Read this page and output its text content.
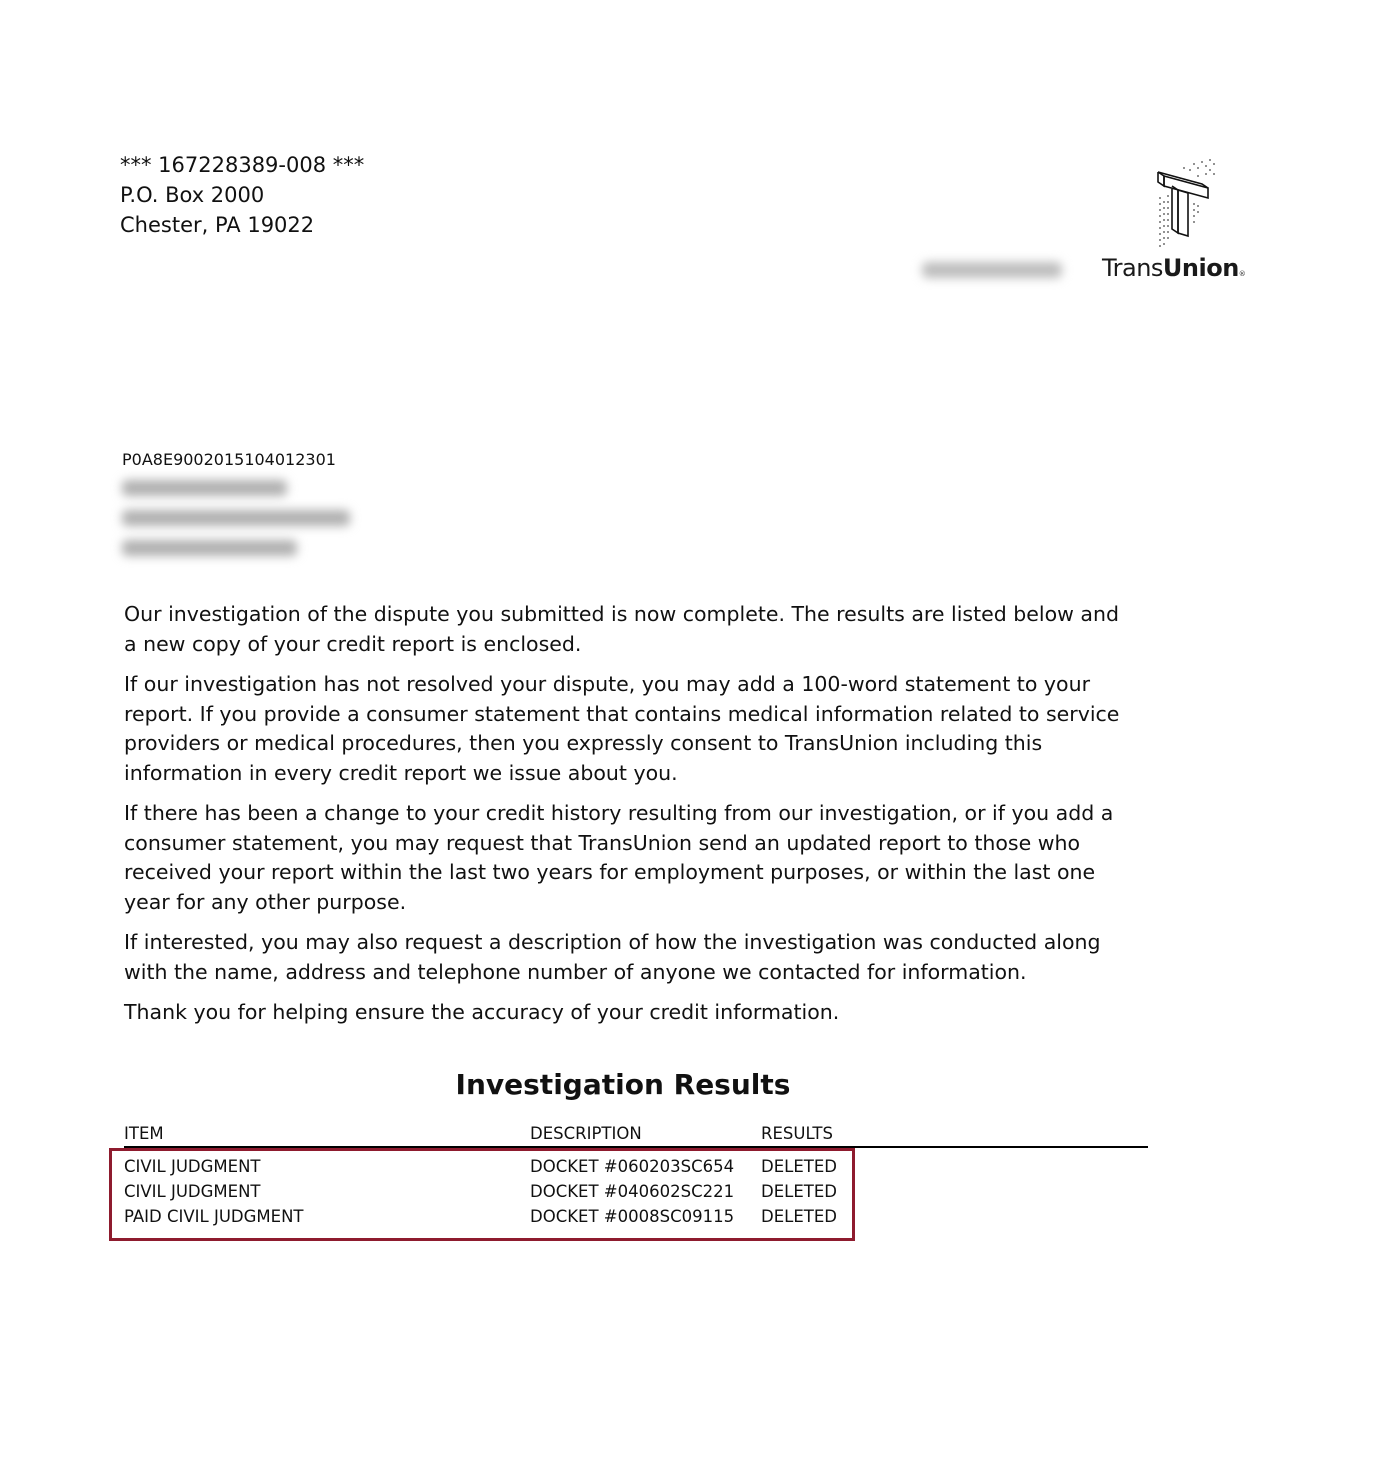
*** 167228389-008 ***
P.O. Box 2000
Chester, PA 19022
TransUnion®
P0A8E9002015104012301

Our investigation of the dispute you submitted is now complete. The results are listed below and a new copy of your credit report is enclosed.

If our investigation has not resolved your dispute, you may add a 100-word statement to your report. If you provide a consumer statement that contains medical information related to service providers or medical procedures, then you expressly consent to TransUnion including this information in every credit report we issue about you.

If there has been a change to your credit history resulting from our investigation, or if you add a consumer statement, you may request that TransUnion send an updated report to those who received your report within the last two years for employment purposes, or within the last one year for any other purpose.

If interested, you may also request a description of how the investigation was conducted along with the name, address and telephone number of anyone we contacted for information.

Thank you for helping ensure the accuracy of your credit information.

Investigation Results
ITEM	DESCRIPTION	RESULTS
CIVIL JUDGMENT	DOCKET #060203SC654 DELETED
CIVIL JUDGMENT	DOCKET #040602SC221 DELETED
PAID CIVIL JUDGMENT	DOCKET #0008SC09115 DELETED
